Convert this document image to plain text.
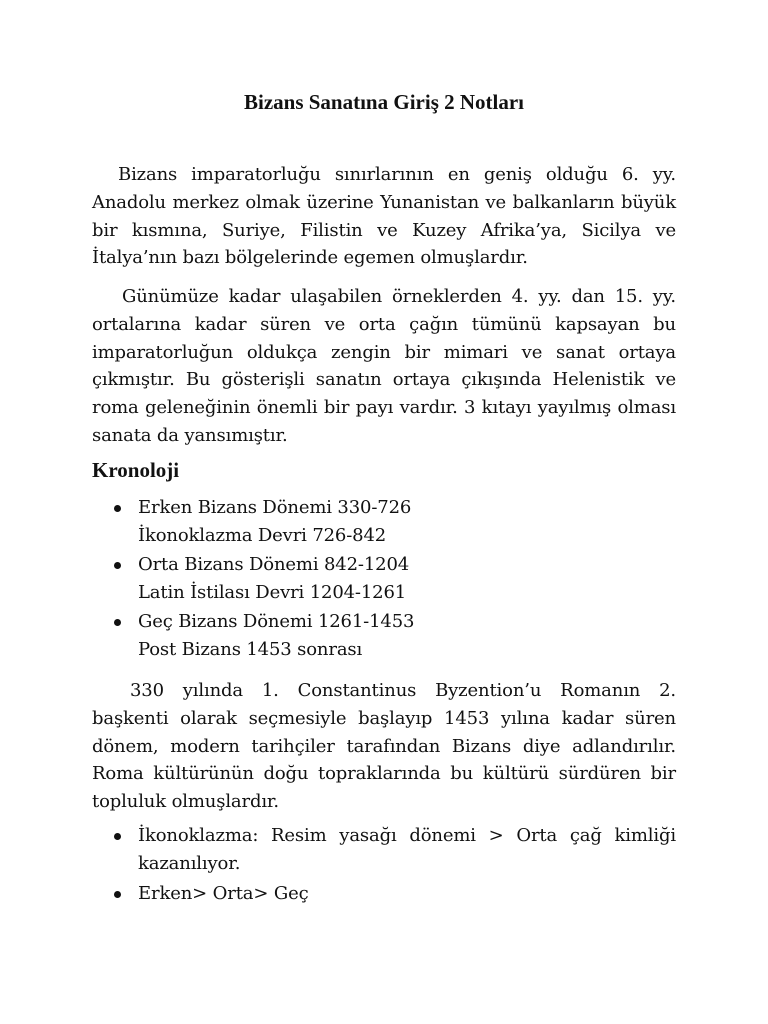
Bizans Sanatına Giriş 2 Notları

Bizans imparatorluğu sınırlarının en geniş olduğu 6. yy. Anadolu merkez olmak üzerine Yunanistan ve balkanların büyük bir kısmına, Suriye, Filistin ve Kuzey Afrika’ya, Sicilya ve İtalya’nın bazı bölgelerinde egemen olmuşlardır.

Günümüze kadar ulaşabilen örneklerden 4. yy. dan 15. yy. ortalarına kadar süren ve orta çağın tümünü kapsayan bu imparatorluğun oldukça zengin bir mimari ve sanat ortaya çıkmıştır. Bu gösterişli sanatın ortaya çıkışında Helenistik ve roma geleneğinin önemli bir payı vardır. 3 kıtayı yayılmış olması sanata da yansımıştır.

Kronoloji
Erken Bizans Dönemi 330-726
İkonoklazma Devri 726-842
Orta Bizans Dönemi 842-1204
Latin İstilası Devri 1204-1261
Geç Bizans Dönemi 1261-1453
Post Bizans 1453 sonrası

330 yılında 1. Constantinus Byzention’u Romanın 2. başkenti olarak seçmesiyle başlayıp 1453 yılına kadar süren dönem, modern tarihçiler tarafından Bizans diye adlandırılır. Roma kültürünün doğu topraklarında bu kültürü sürdüren bir topluluk olmuşlardır.

İkonoklazma: Resim yasağı dönemi > Orta çağ kimliği kazanılıyor.
Erken> Orta> Geç
